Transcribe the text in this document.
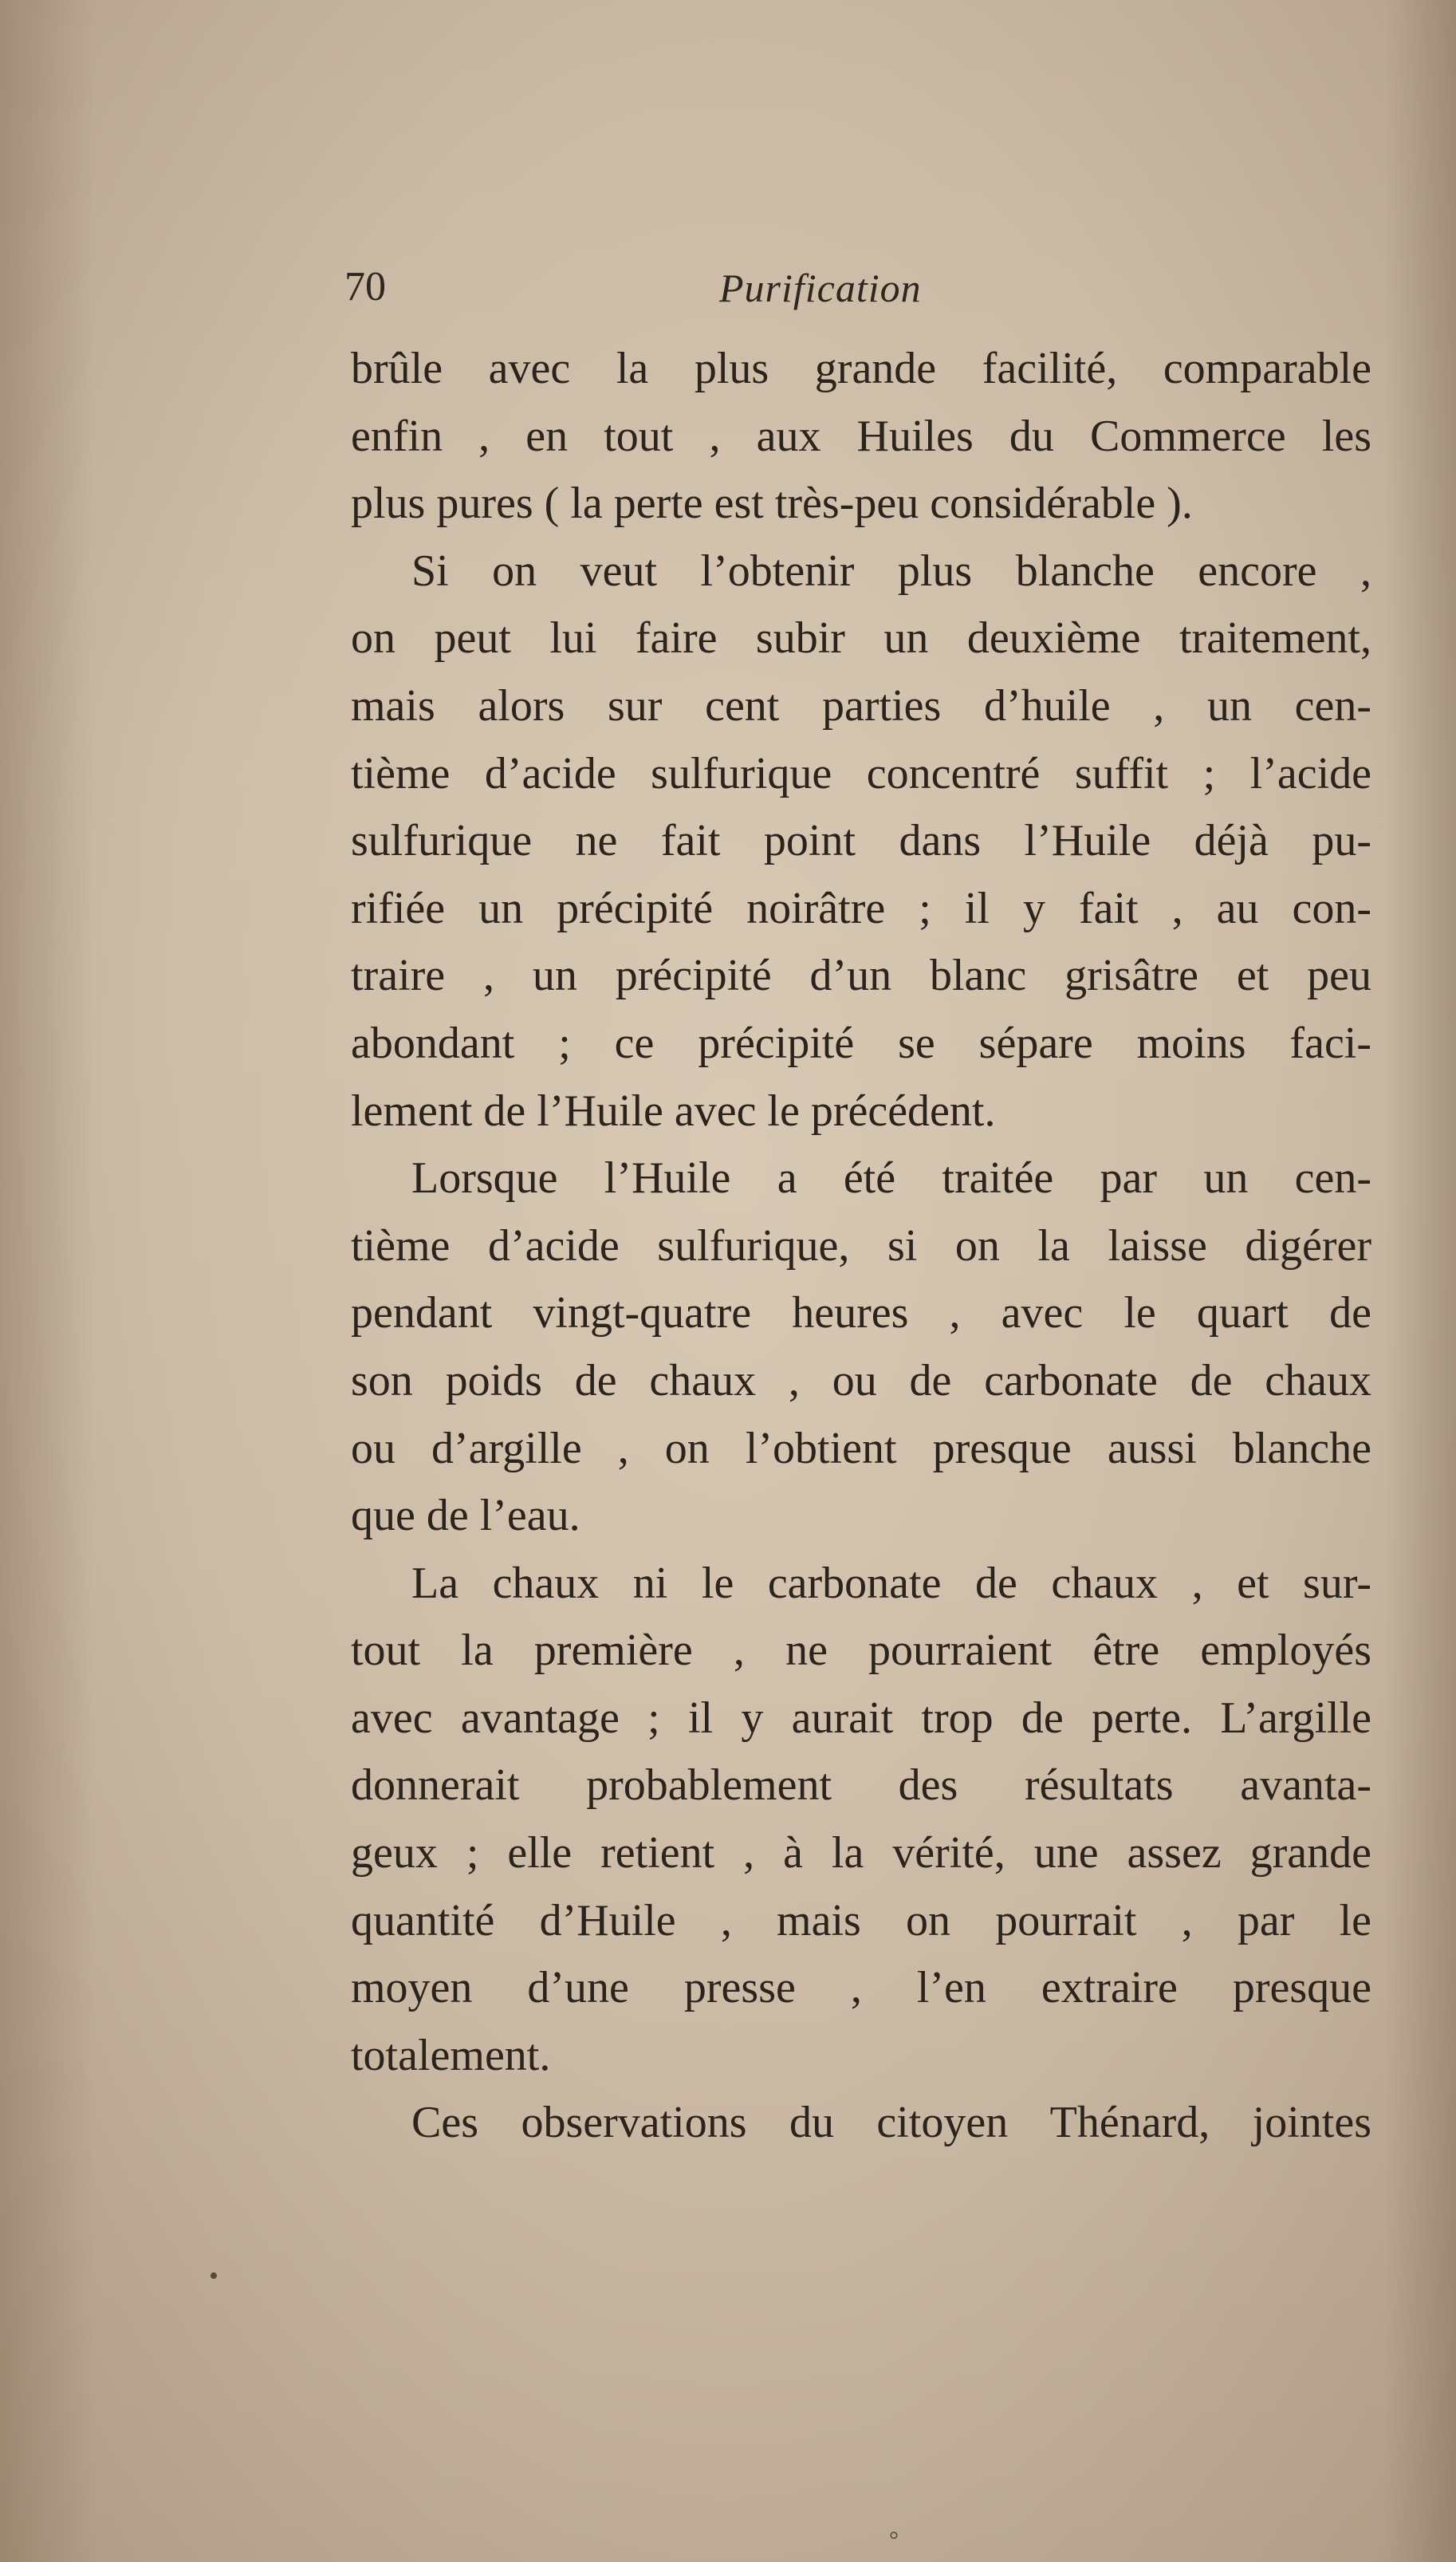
70	Purification
brûle avec la plus grande facilité, comparable
enfin , en tout , aux Huiles du Commerce les
plus pures ( la perte est très-peu considérable ).
Si on veut l’obtenir plus blanche encore ,
on peut lui faire subir un deuxième traitement,
mais alors sur cent parties d’huile , un cen-
tième d’acide sulfurique concentré suffit ; l’acide
sulfurique ne fait point dans l’Huile déjà pu-
rifiée un précipité noirâtre ; il y fait , au con-
traire , un précipité d’un blanc grisâtre et peu
abondant ; ce précipité se sépare moins faci-
lement de l’Huile avec le précédent.
Lorsque l’Huile a été traitée par un cen-
tième d’acide sulfurique, si on la laisse digérer
pendant vingt-quatre heures , avec le quart de
son poids de chaux , ou de carbonate de chaux
ou d’argille , on l’obtient presque aussi blanche
que de l’eau.
La chaux ni le carbonate de chaux , et sur-
tout la première , ne pourraient être employés
avec avantage ; il y aurait trop de perte. L’argille
donnerait probablement des résultats avanta-
geux ; elle retient , à la vérité, une assez grande
quantité d’Huile , mais on pourrait , par le
moyen d’une presse , l’en extraire presque
totalement.
Ces observations du citoyen Thénard, jointes
•
°
